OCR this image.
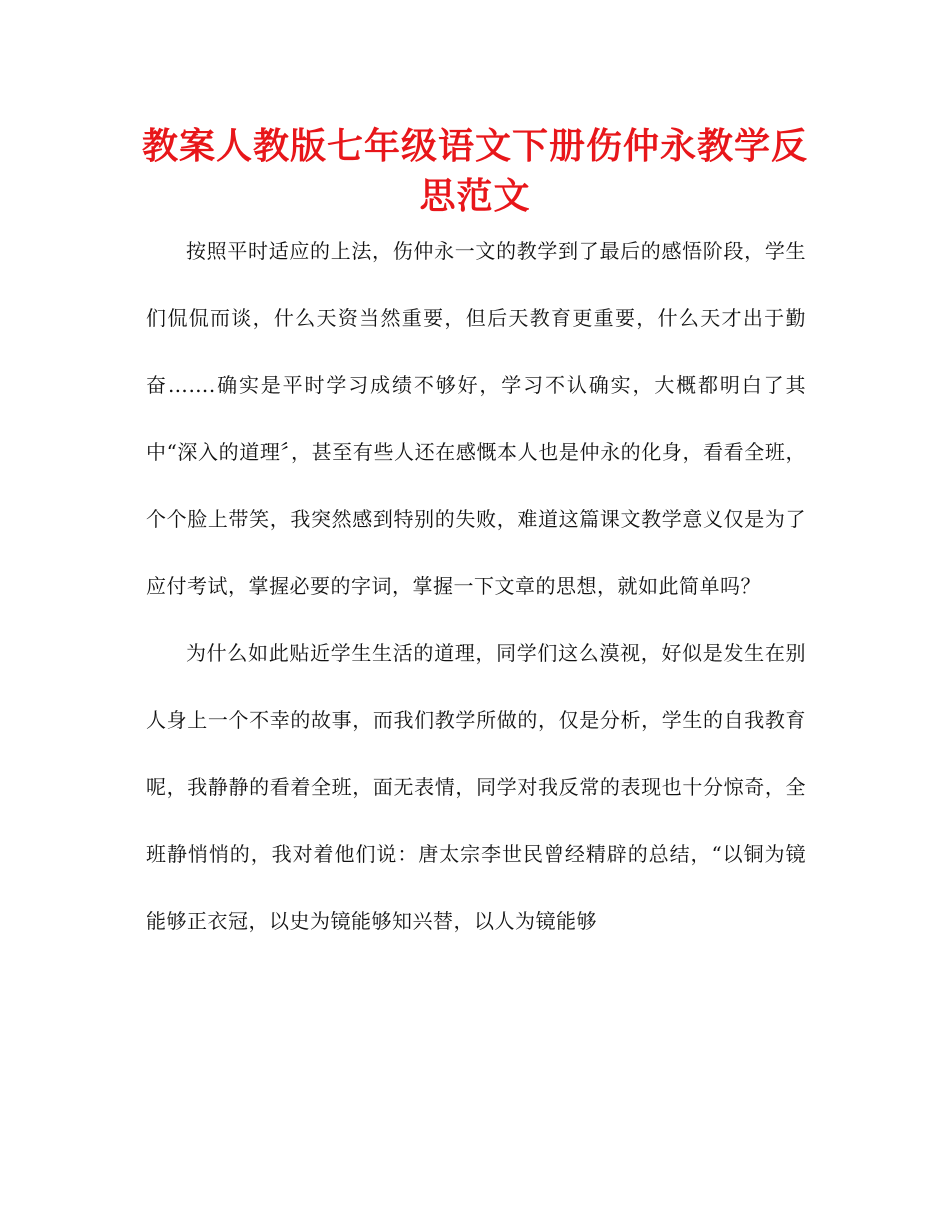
教案人教版七年级语文下册伤仲永教学反思范文

按照平时适应的上法，伤仲永一文的教学到了最后的感悟阶段，学生们侃侃而谈，什么天资当然重要，但后天教育更重要，什么天才出于勤奋…….确实是平时学习成绩不够好，学习不认确实，大概都明白了其中“深入的道理〞，甚至有些人还在感慨本人也是仲永的化身，看看全班，个个脸上带笑，我突然感到特别的失败，难道这篇课文教学意义仅是为了应付考试，掌握必要的字词，掌握一下文章的思想，就如此简单吗？

为什么如此贴近学生生活的道理，同学们这么漠视，好似是发生在别人身上一个不幸的故事，而我们教学所做的，仅是分析，学生的自我教育呢，我静静的看着全班，面无表情，同学对我反常的表现也十分惊奇，全班静悄悄的，我对着他们说：唐太宗李世民曾经精辟的总结，“以铜为镜能够正衣冠，以史为镜能够知兴替，以人为镜能够
